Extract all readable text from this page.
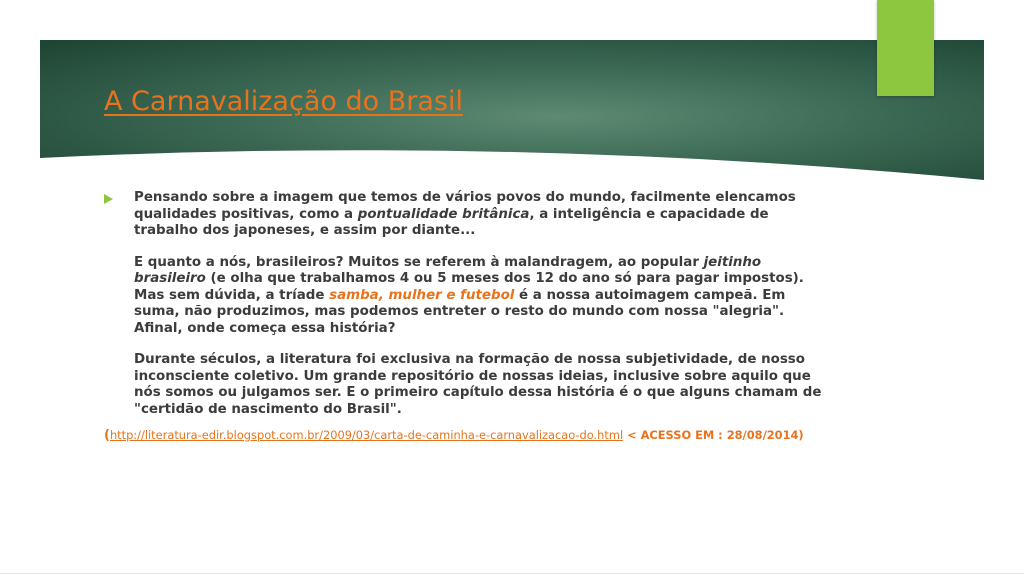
A Carnavalização do Brasil

Pensando sobre a imagem que temos de vários povos do mundo, facilmente elencamos qualidades positivas, como a pontualidade britânica, a inteligência e capacidade de trabalho dos japoneses, e assim por diante...

E quanto a nós, brasileiros? Muitos se referem à malandragem, ao popular jeitinho brasileiro (e olha que trabalhamos 4 ou 5 meses dos 12 do ano só para pagar impostos). Mas sem dúvida, a tríade samba, mulher e futebol é a nossa autoimagem campeã. Em suma, não produzimos, mas podemos entreter o resto do mundo com nossa "alegria". Afinal, onde começa essa história?

Durante séculos, a literatura foi exclusiva na formação de nossa subjetividade, de nosso inconsciente coletivo. Um grande repositório de nossas ideias, inclusive sobre aquilo que nós somos ou julgamos ser. E o primeiro capítulo dessa história é o que alguns chamam de "certidão de nascimento do Brasil".

(http://literatura-edir.blogspot.com.br/2009/03/carta-de-caminha-e-carnavalizacao-do.html < ACESSO EM : 28/08/2014)
